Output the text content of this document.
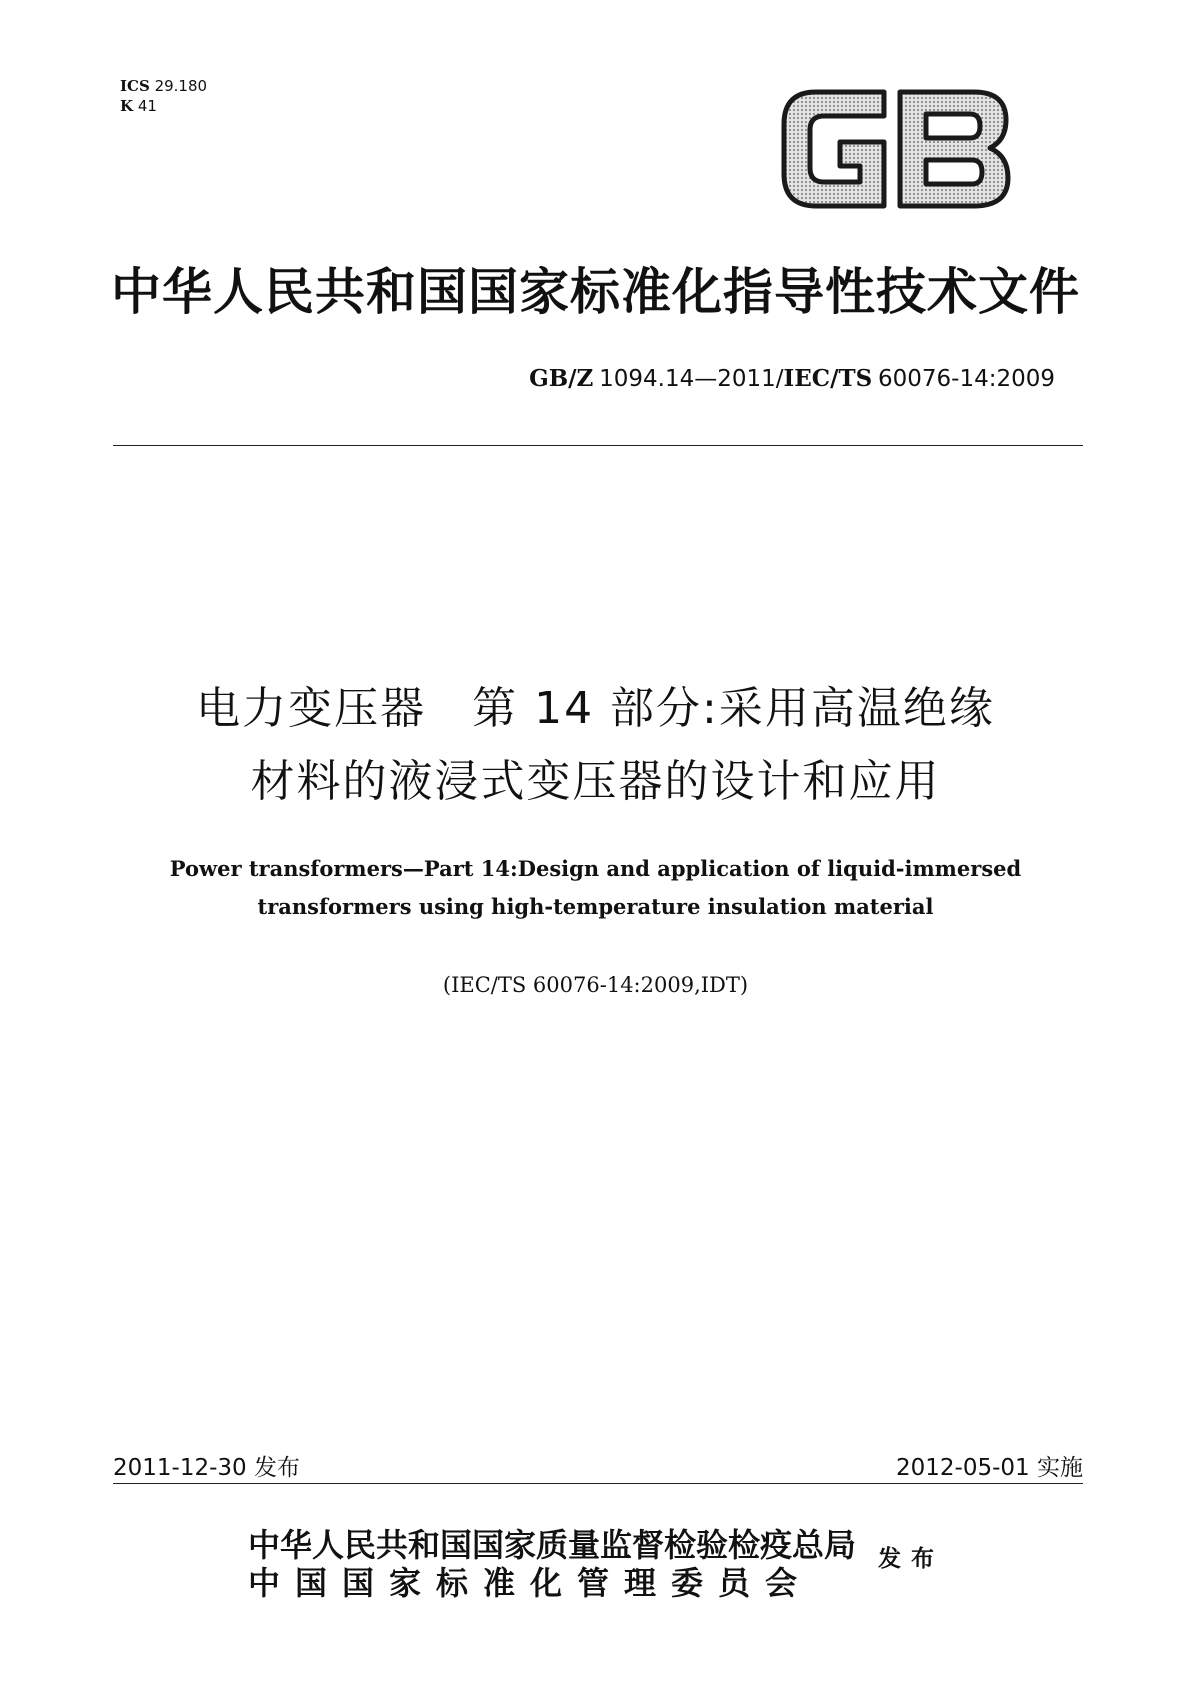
ICS 29.180
K 41
中华人民共和国国家标准化指导性技术文件
GB/Z 1094.14—2011/IEC/TS 60076-14:2009
电力变压器　第 14 部分:采用高温绝缘
材料的液浸式变压器的设计和应用
Power transformers—Part 14:Design and application of liquid-immersed
transformers using high-temperature insulation material
(IEC/TS 60076-14:2009,IDT)
2011-12-30 发布	2012-05-01 实施
中华人民共和国国家质量监督检验检疫总局
中国国家标准化管理委员会
发布
